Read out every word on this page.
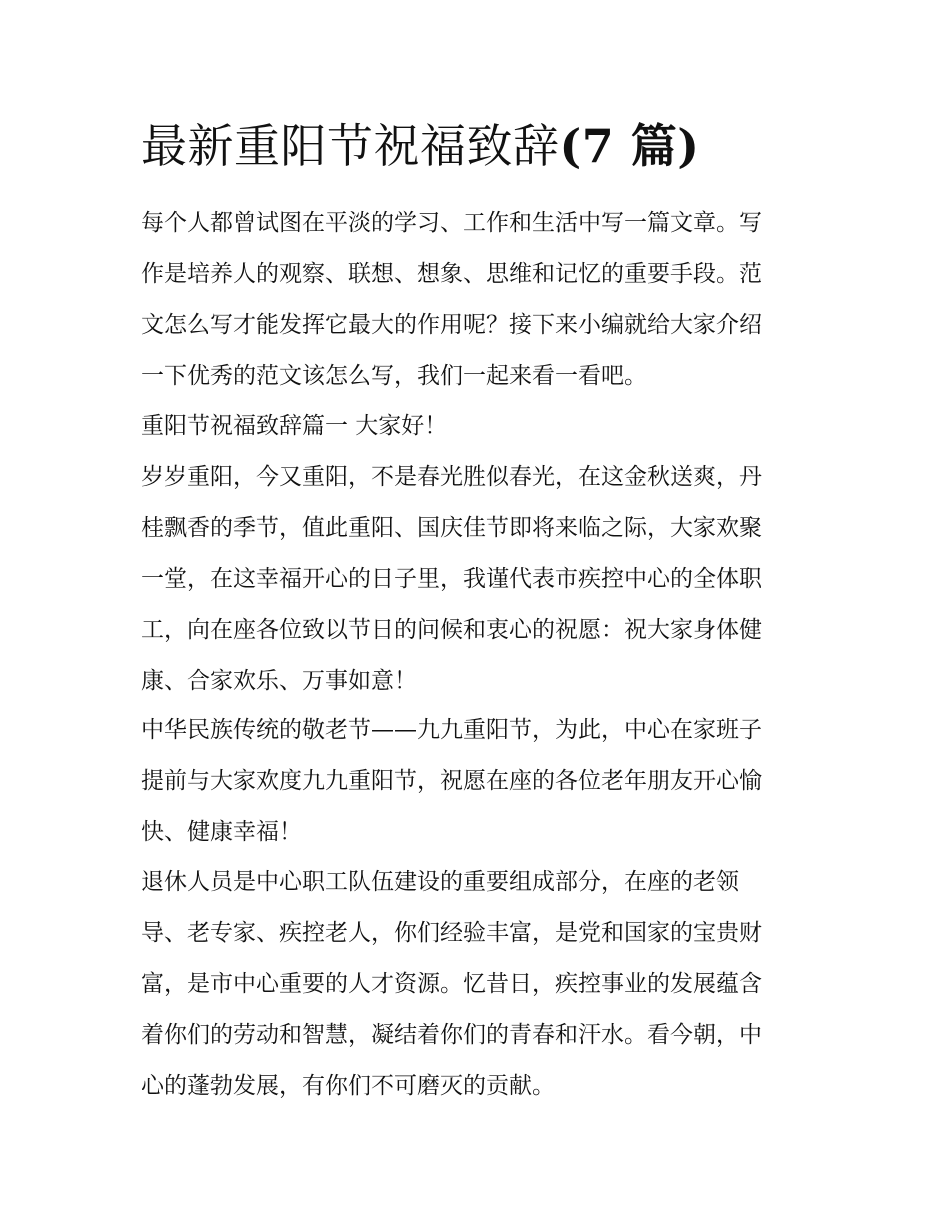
最新重阳节祝福致辞(7 篇)

每个人都曾试图在平淡的学习、工作和生活中写一篇文章。写
作是培养人的观察、联想、想象、思维和记忆的重要手段。范
文怎么写才能发挥它最大的作用呢？接下来小编就给大家介绍
一下优秀的范文该怎么写，我们一起来看一看吧。

重阳节祝福致辞篇一 大家好！

岁岁重阳，今又重阳，不是春光胜似春光，在这金秋送爽，丹
桂飘香的季节，值此重阳、国庆佳节即将来临之际，大家欢聚
一堂，在这幸福开心的日子里，我谨代表市疾控中心的全体职
工，向在座各位致以节日的问候和衷心的祝愿：祝大家身体健
康、合家欢乐、万事如意！

中华民族传统的敬老节——九九重阳节，为此，中心在家班子
提前与大家欢度九九重阳节，祝愿在座的各位老年朋友开心愉
快、健康幸福！

退休人员是中心职工队伍建设的重要组成部分，在座的老领
导、老专家、疾控老人，你们经验丰富，是党和国家的宝贵财
富，是市中心重要的人才资源。忆昔日，疾控事业的发展蕴含
着你们的劳动和智慧，凝结着你们的青春和汗水。看今朝，中
心的蓬勃发展，有你们不可磨灭的贡献。
